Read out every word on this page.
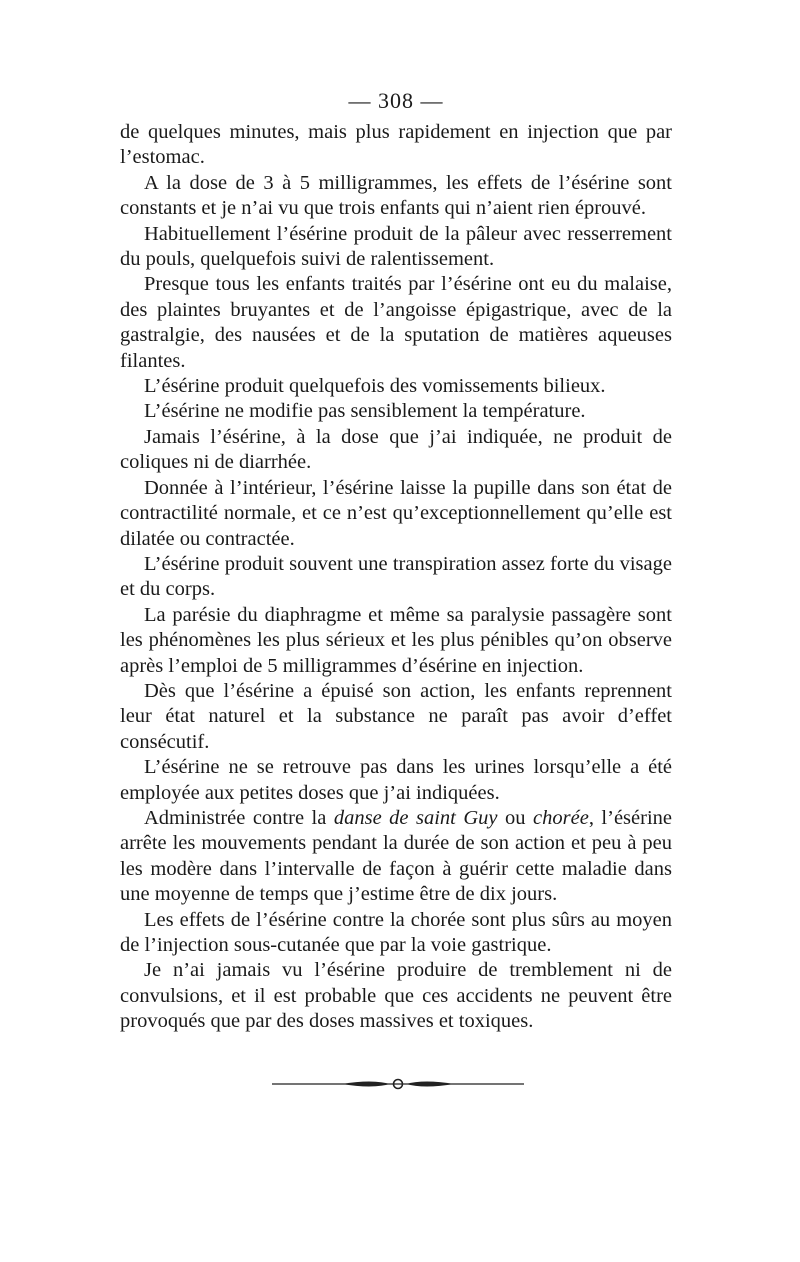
— 308 —

de quelques minutes, mais plus rapidement en injection que par l’estomac.

A la dose de 3 à 5 milligrammes, les effets de l’ésérine sont constants et je n’ai vu que trois enfants qui n’aient rien éprouvé.

Habituellement l’ésérine produit de la pâleur avec resserrement du pouls, quelquefois suivi de ralentissement.

Presque tous les enfants traités par l’ésérine ont eu du malaise, des plaintes bruyantes et de l’angoisse épigastrique, avec de la gastralgie, des nausées et de la sputation de matières aqueuses filantes.

L’ésérine produit quelquefois des vomissements bilieux.

L’ésérine ne modifie pas sensiblement la température.

Jamais l’ésérine, à la dose que j’ai indiquée, ne produit de coliques ni de diarrhée.

Donnée à l’intérieur, l’ésérine laisse la pupille dans son état de contractilité normale, et ce n’est qu’exceptionnellement qu’elle est dilatée ou contractée.

L’ésérine produit souvent une transpiration assez forte du visage et du corps.

La parésie du diaphragme et même sa paralysie passagère sont les phénomènes les plus sérieux et les plus pénibles qu’on observe après l’emploi de 5 milligrammes d’ésérine en injection.

Dès que l’ésérine a épuisé son action, les enfants reprennent leur état naturel et la substance ne paraît pas avoir d’effet consécutif.

L’ésérine ne se retrouve pas dans les urines lorsqu’elle a été employée aux petites doses que j’ai indiquées.

Administrée contre la danse de saint Guy ou chorée, l’ésérine arrête les mouvements pendant la durée de son action et peu à peu les modère dans l’intervalle de façon à guérir cette maladie dans une moyenne de temps que j’estime être de dix jours.

Les effets de l’ésérine contre la chorée sont plus sûrs au moyen de l’injection sous-cutanée que par la voie gastrique.

Je n’ai jamais vu l’ésérine produire de tremblement ni de convulsions, et il est probable que ces accidents ne peuvent être provoqués que par des doses massives et toxiques.
